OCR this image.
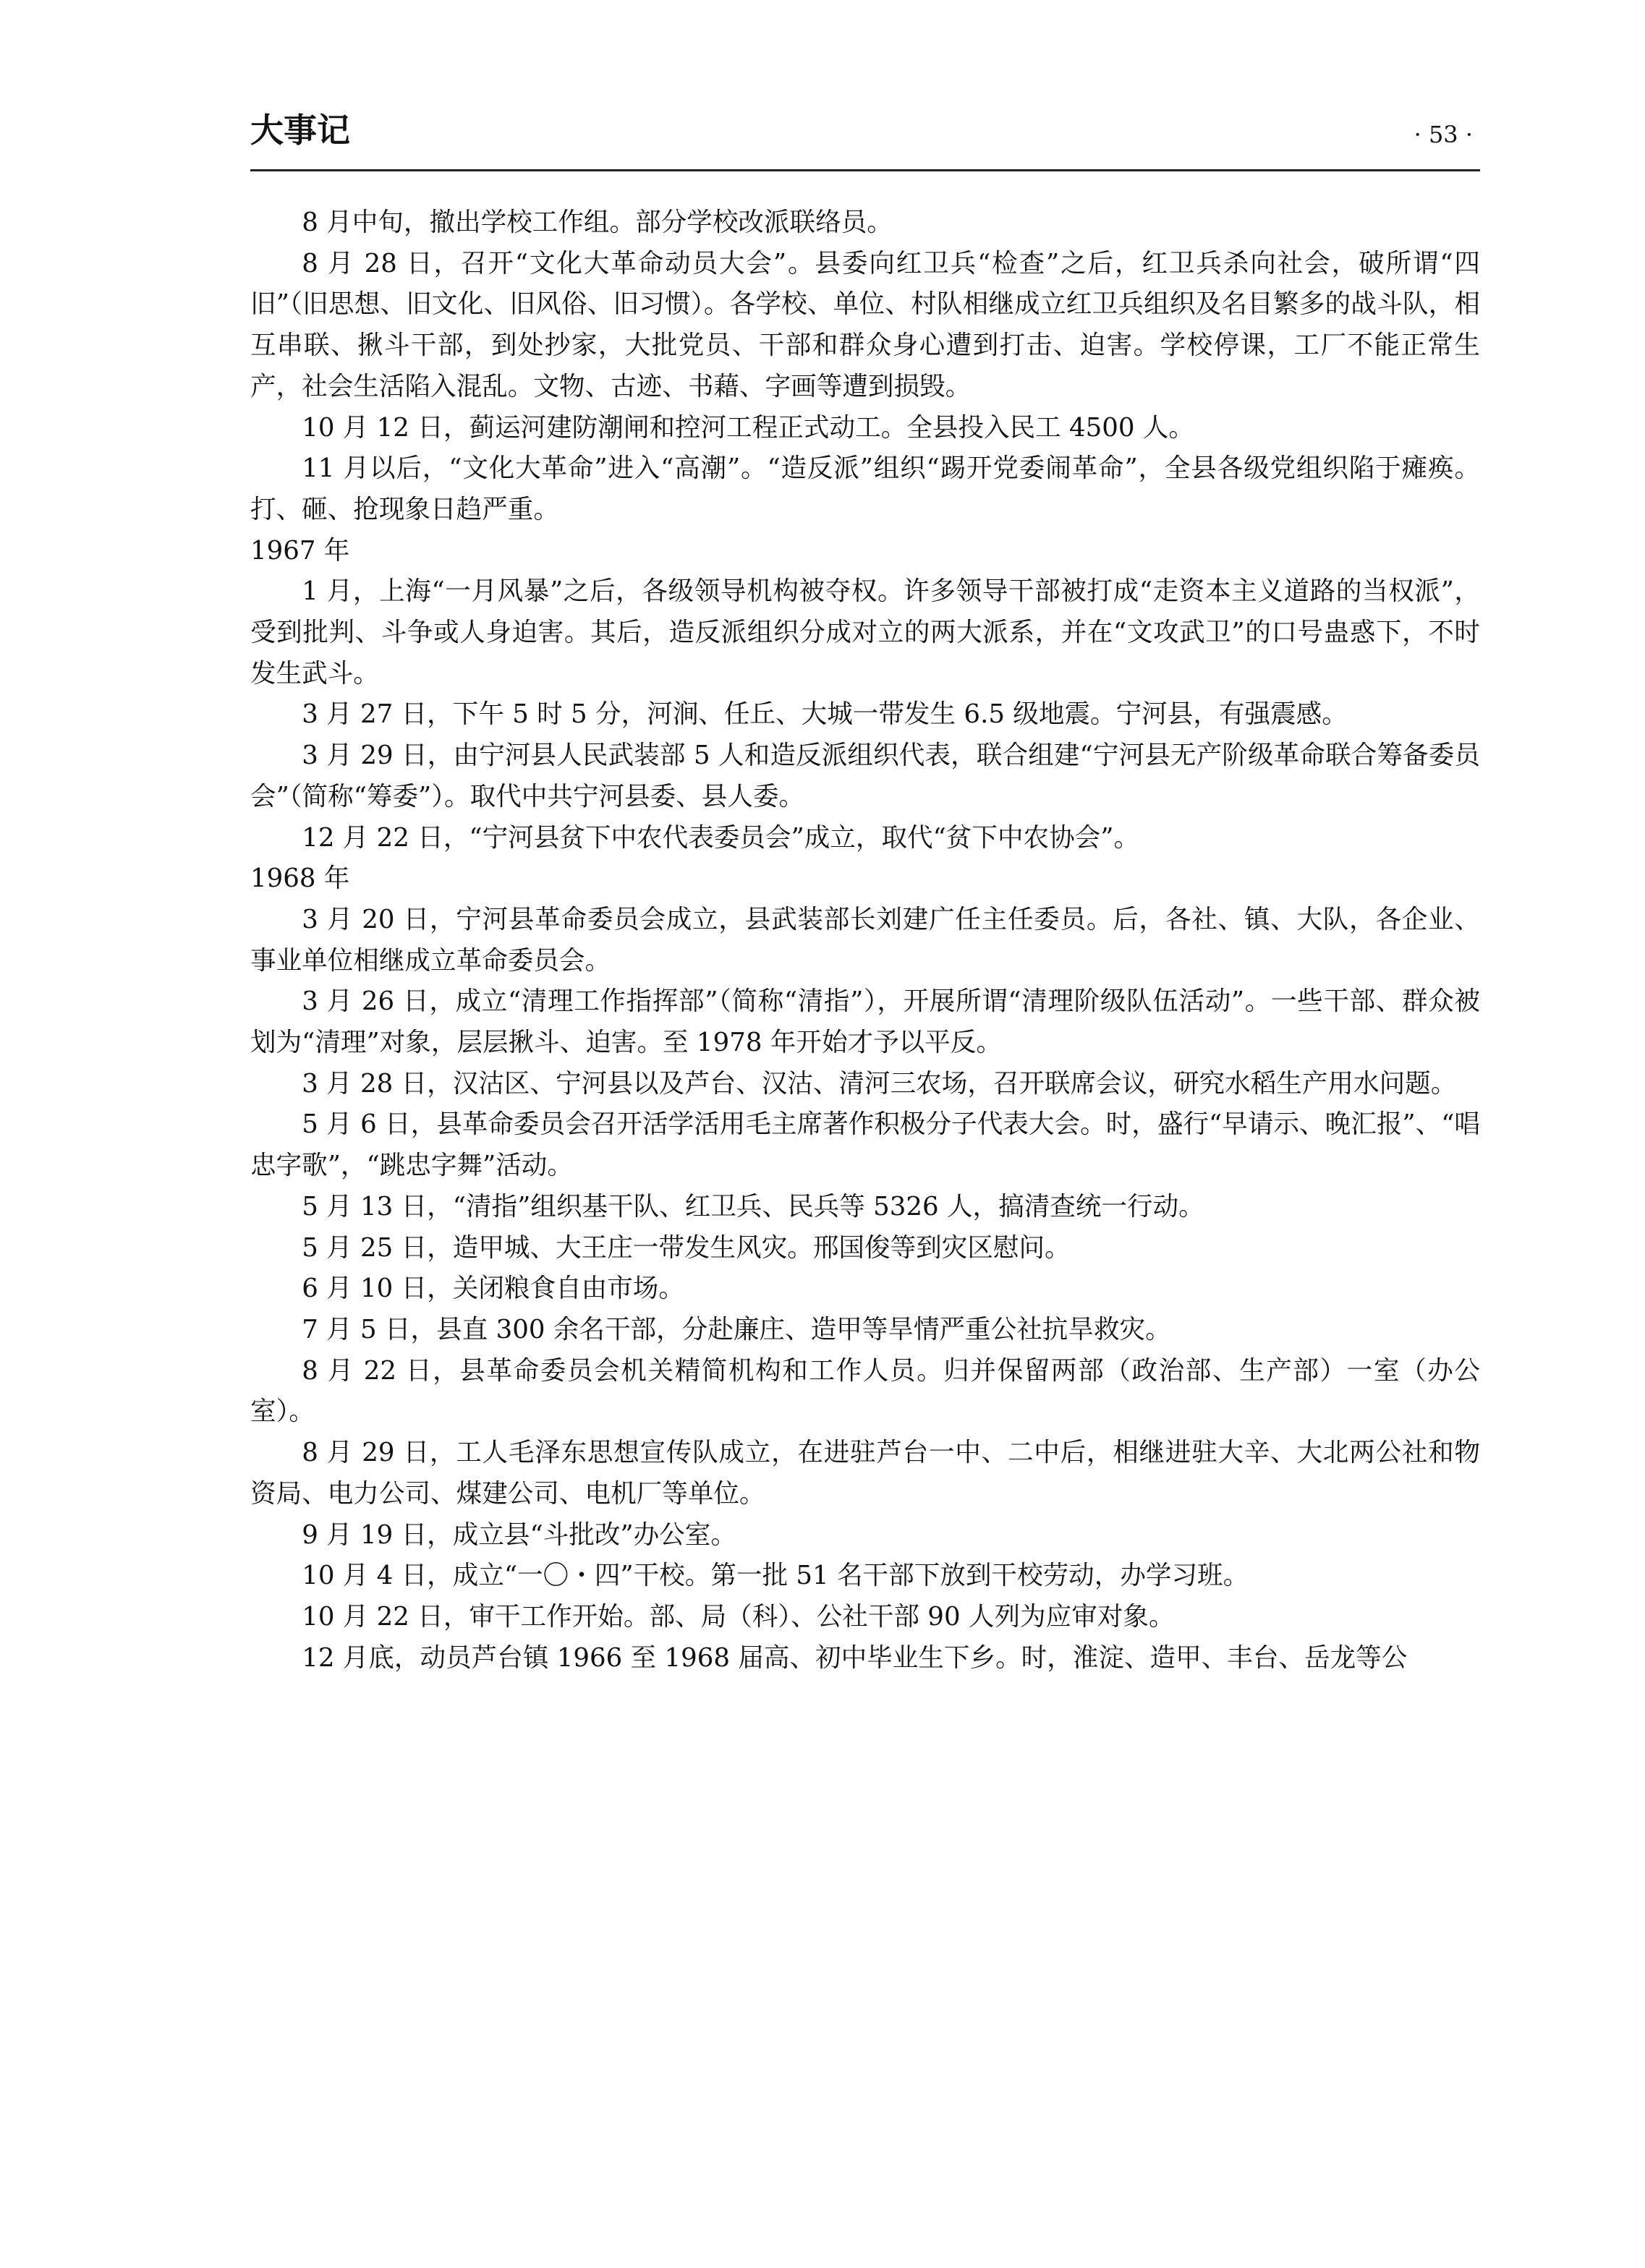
大事记	· 53 ·

8 月中旬，撤出学校工作组。部分学校改派联络员。

8 月 28 日，召开“文化大革命动员大会”。县委向红卫兵“检查”之后，红卫兵杀向社会，破所谓“四旧”（旧思想、旧文化、旧风俗、旧习惯）。各学校、单位、村队相继成立红卫兵组织及名目繁多的战斗队，相互串联、揪斗干部，到处抄家，大批党员、干部和群众身心遭到打击、迫害。学校停课，工厂不能正常生产，社会生活陷入混乱。文物、古迹、书藉、字画等遭到损毁。

10 月 12 日，蓟运河建防潮闸和控河工程正式动工。全县投入民工 4500 人。

11 月以后，“文化大革命”进入“高潮”。“造反派”组织“踢开党委闹革命”，全县各级党组织陷于瘫痪。打、砸、抢现象日趋严重。

1967 年

1 月，上海“一月风暴”之后，各级领导机构被夺权。许多领导干部被打成“走资本主义道路的当权派”，受到批判、斗争或人身迫害。其后，造反派组织分成对立的两大派系，并在“文攻武卫”的口号蛊惑下，不时发生武斗。

3 月 27 日，下午 5 时 5 分，河涧、任丘、大城一带发生 6.5 级地震。宁河县，有强震感。

3 月 29 日，由宁河县人民武装部 5 人和造反派组织代表，联合组建“宁河县无产阶级革命联合筹备委员会”（简称“筹委”）。取代中共宁河县委、县人委。

12 月 22 日，“宁河县贫下中农代表委员会”成立，取代“贫下中农协会”。

1968 年

3 月 20 日，宁河县革命委员会成立，县武装部长刘建广任主任委员。后，各社、镇、大队，各企业、事业单位相继成立革命委员会。

3 月 26 日，成立“清理工作指挥部”（简称“清指”），开展所谓“清理阶级队伍活动”。一些干部、群众被划为“清理”对象，层层揪斗、迫害。至 1978 年开始才予以平反。

3 月 28 日，汉沽区、宁河县以及芦台、汉沽、清河三农场，召开联席会议，研究水稻生产用水问题。

5 月 6 日，县革命委员会召开活学活用毛主席著作积极分子代表大会。时，盛行“早请示、晚汇报”、“唱忠字歌”，“跳忠字舞”活动。

5 月 13 日，“清指”组织基干队、红卫兵、民兵等 5326 人，搞清查统一行动。

5 月 25 日，造甲城、大王庄一带发生风灾。邢国俊等到灾区慰问。

6 月 10 日，关闭粮食自由市场。

7 月 5 日，县直 300 余名干部，分赴廉庄、造甲等旱情严重公社抗旱救灾。

8 月 22 日，县革命委员会机关精简机构和工作人员。归并保留两部（政治部、生产部）一室（办公室）。

8 月 29 日，工人毛泽东思想宣传队成立，在进驻芦台一中、二中后，相继进驻大辛、大北两公社和物资局、电力公司、煤建公司、电机厂等单位。

9 月 19 日，成立县“斗批改”办公室。

10 月 4 日，成立“一〇・四”干校。第一批 51 名干部下放到干校劳动，办学习班。

10 月 22 日，审干工作开始。部、局（科）、公社干部 90 人列为应审对象。

12 月底，动员芦台镇 1966 至 1968 届高、初中毕业生下乡。时，淮淀、造甲、丰台、岳龙等公
